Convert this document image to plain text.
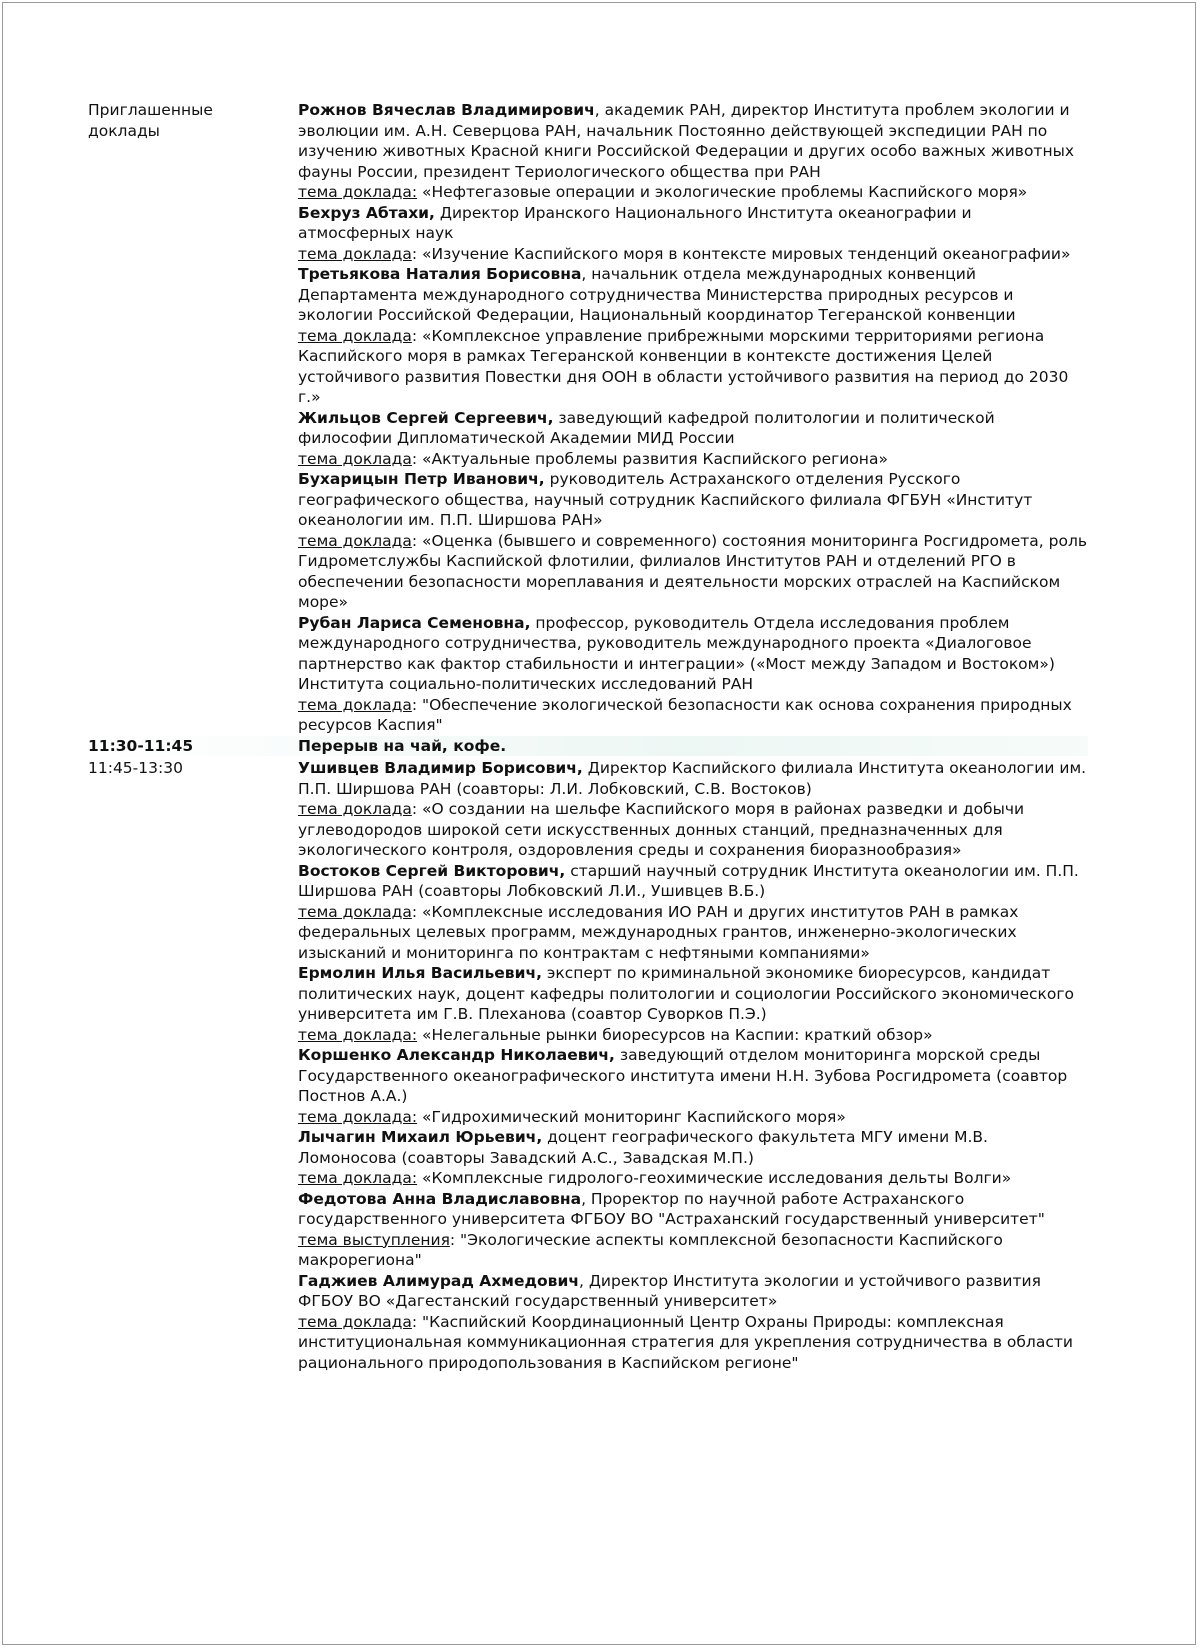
Приглашенные доклады

Рожнов Вячеслав Владимирович, академик РАН, директор Института проблем экологии и эволюции им. А.Н. Северцова РАН, начальник Постоянно действующей экспедиции РАН по изучению животных Красной книги Российской Федерации и других особо важных животных фауны России, президент Териологического общества при РАН

тема доклада: «Нефтегазовые операции и экологические проблемы Каспийского моря»

Бехруз Абтахи, Директор Иранского Национального Института океанографии и атмосферных наук

тема доклада: «Изучение Каспийского моря в контексте мировых тенденций океанографии»

Третьякова Наталия Борисовна, начальник отдела международных конвенций Департамента международного сотрудничества Министерства природных ресурсов и экологии Российской Федерации, Национальный координатор Тегеранской конвенции

тема доклада: «Комплексное управление прибрежными морскими территориями региона Каспийского моря в рамках Тегеранской конвенции в контексте достижения Целей устойчивого развития Повестки дня ООН в области устойчивого развития на период до 2030 г.»

Жильцов Сергей Сергеевич, заведующий кафедрой политологии и политической философии Дипломатической Академии МИД России

тема доклада: «Актуальные проблемы развития Каспийского региона»

Бухарицын Петр Иванович, руководитель Астраханского отделения Русского географического общества, научный сотрудник Каспийского филиала ФГБУН «Институт океанологии им. П.П. Ширшова РАН»

тема доклада: «Оценка (бывшего и современного) состояния мониторинга Росгидромета, роль Гидрометслужбы Каспийской флотилии, филиалов Институтов РАН и отделений РГО в обеспечении безопасности мореплавания и деятельности морских отраслей на Каспийском море»

Рубан Лариса Семеновна, профессор, руководитель Отдела исследования проблем международного сотрудничества, руководитель международного проекта «Диалоговое партнерство как фактор стабильности и интеграции» («Мост между Западом и Востоком») Института социально-политических исследований РАН

тема доклада: "Обеспечение экологической безопасности как основа сохранения природных ресурсов Каспия"

11:30-11:45	Перерыв на чай, кофе.
11:45-13:30	Ушивцев Владимир Борисович, Директор Каспийского филиала Института океанологии им. П.П. Ширшова РАН (соавторы: Л.И. Лобковский, С.В. Востоков)

тема доклада: «О создании на шельфе Каспийского моря в районах разведки и добычи углеводородов широкой сети искусственных донных станций, предназначенных для экологического контроля, оздоровления среды и сохранения биоразнообразия»

Востоков Сергей Викторович, старший научный сотрудник Института океанологии им. П.П. Ширшова РАН (соавторы Лобковский Л.И., Ушивцев В.Б.)

тема доклада: «Комплексные исследования ИО РАН и других институтов РАН в рамках федеральных целевых программ, международных грантов, инженерно-экологических изысканий и мониторинга по контрактам с нефтяными компаниями»

Ермолин Илья Васильевич, эксперт по криминальной экономике биоресурсов, кандидат политических наук, доцент кафедры политологии и социологии Российского экономического университета им Г.В. Плеханова (соавтор Суворков П.Э.)

тема доклада: «Нелегальные рынки биоресурсов на Каспии: краткий обзор»

Коршенко Александр Николаевич, заведующий отделом мониторинга морской среды Государственного океанографического института имени Н.Н. Зубова Росгидромета (соавтор Постнов А.А.)

тема доклада: «Гидрохимический мониторинг Каспийского моря»

Лычагин Михаил Юрьевич, доцент географического факультета МГУ имени М.В. Ломоносова (соавторы Завадский А.С., Завадская М.П.)

тема доклада: «Комплексные гидролого-геохимические исследования дельты Волги»

Федотова Анна Владиславовна, Проректор по научной работе Астраханского государственного университета ФГБОУ ВО "Астраханский государственный университет"

тема выступления: "Экологические аспекты комплексной безопасности Каспийского макрорегиона"

Гаджиев Алимурад Ахмедович, Директор Института экологии и устойчивого развития ФГБОУ ВО «Дагестанский государственный университет»

тема доклада: "Каспийский Координационный Центр Охраны Природы: комплексная институциональная коммуникационная стратегия для укрепления сотрудничества в области рационального природопользования в Каспийском регионе"
